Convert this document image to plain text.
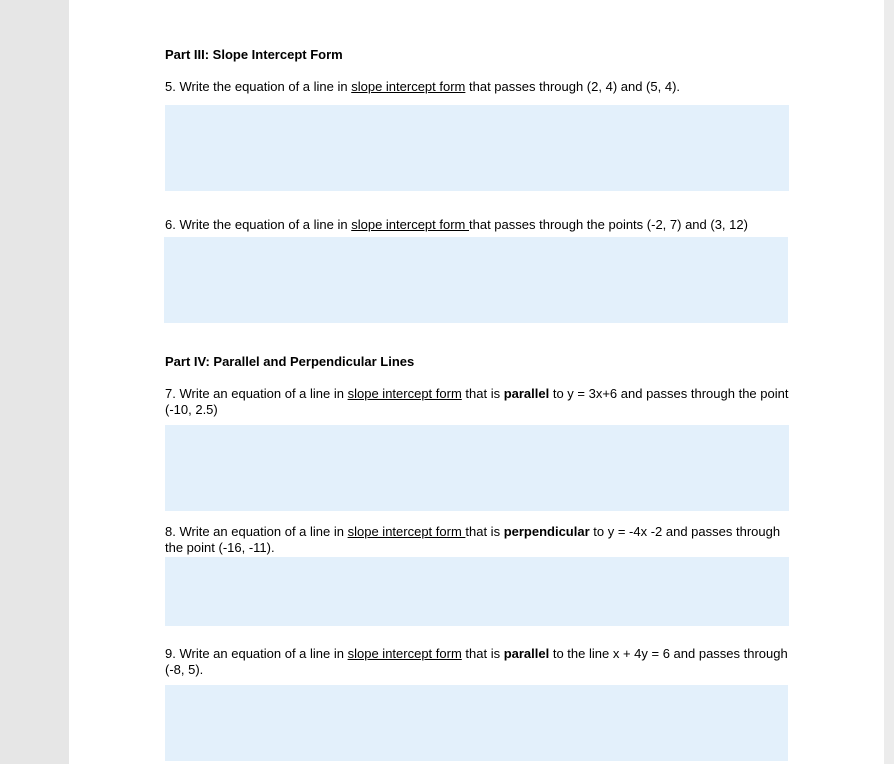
Part III: Slope Intercept Form
5. Write the equation of a line in slope intercept form that passes through (2, 4) and (5, 4).
6. Write the equation of a line in slope intercept form that passes through the points (-2, 7) and (3, 12)
Part IV: Parallel and Perpendicular Lines
7. Write an equation of a line in slope intercept form that is parallel to y = 3x+6 and passes through the point (-10, 2.5)
8. Write an equation of a line in slope intercept form that is perpendicular to y = -4x -2 and passes through the point (-16, -11).
9. Write an equation of a line in slope intercept form that is parallel to the line x + 4y = 6 and passes through (-8, 5).
